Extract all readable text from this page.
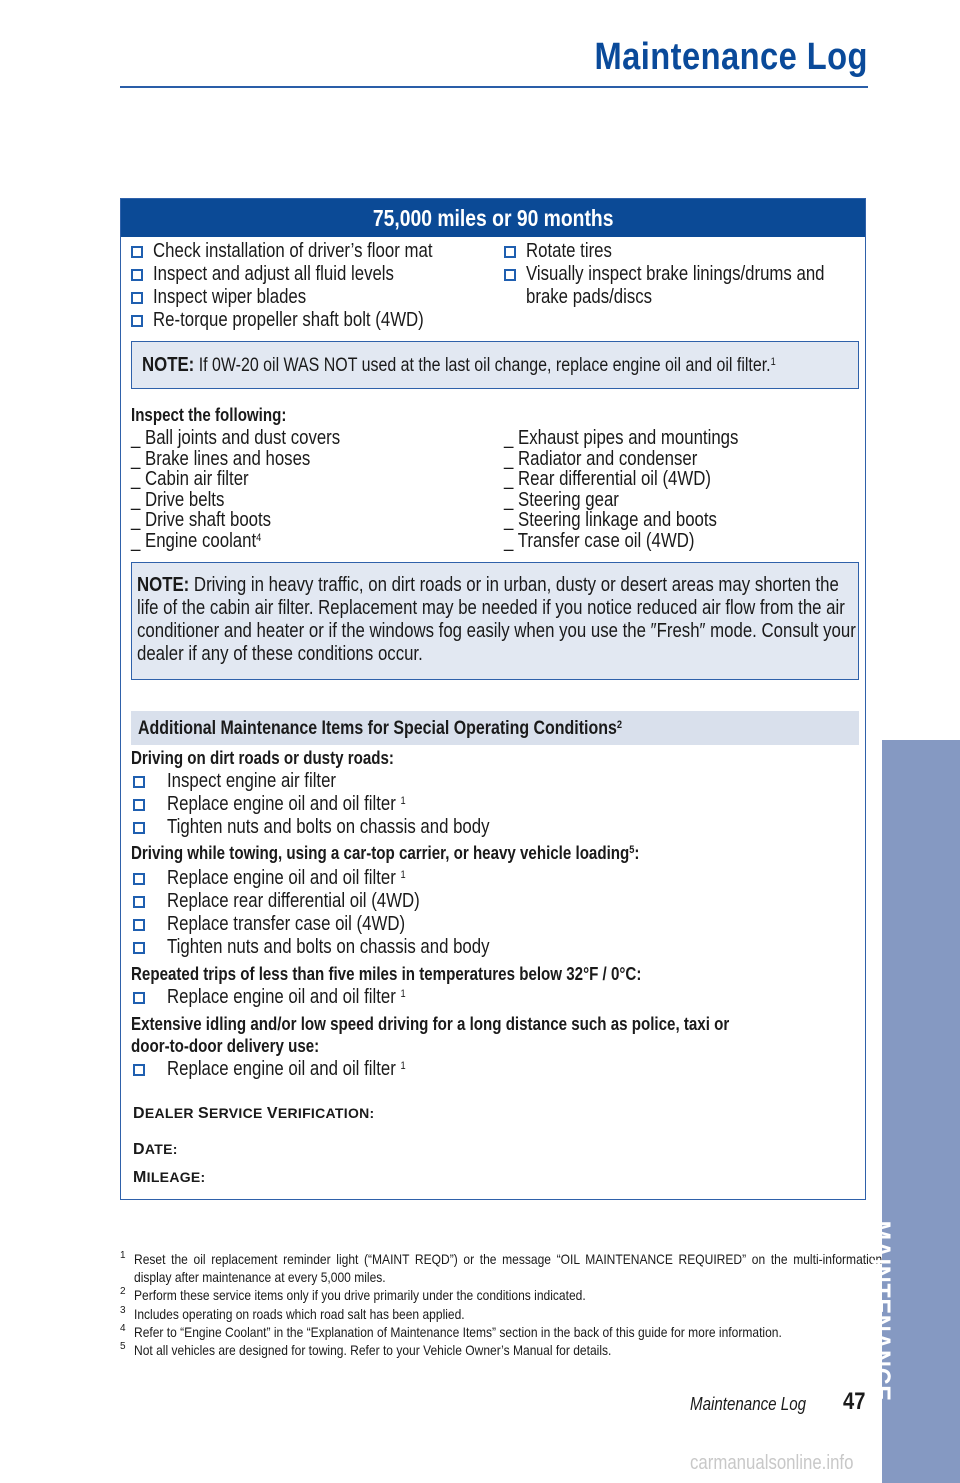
Maintenance Log
75,000 miles or 90 months
Check installation of driver’s floor mat
Inspect and adjust all fluid levels
Inspect wiper blades
Re-torque propeller shaft bolt (4WD)
Rotate tires
Visually inspect brake linings/drums and
brake pads/discs
NOTE: If 0W-20 oil WAS NOT used at the last oil change, replace engine oil and oil filter.$^1$
Inspect the following:
_ Ball joints and dust covers
_ Brake lines and hoses
_ Cabin air filter
_ Drive belts
_ Drive shaft boots
_ Engine coolant$^4$
_ Exhaust pipes and mountings
_ Radiator and condenser
_ Rear differential oil (4WD)
_ Steering gear
_ Steering linkage and boots
_ Transfer case oil (4WD)
NOTE: Driving in heavy traffic, on dirt roads or in urban, dusty or desert areas may shorten the life of the cabin air filter. Replacement may be needed if you notice reduced air flow from the air conditioner and heater or if the windows fog easily when you use the ″Fresh″ mode. Consult your dealer if any of these conditions occur.
Additional Maintenance Items for Special Operating Conditions$^2$
Driving on dirt roads or dusty roads:
Inspect engine air filter
Replace engine oil and oil filter $^1$
Tighten nuts and bolts on chassis and body
Driving while towing, using a car-top carrier, or heavy vehicle loading$^5$:
Replace engine oil and oil filter $^1$
Replace rear differential oil (4WD)
Replace transfer case oil (4WD)
Tighten nuts and bolts on chassis and body
Repeated trips of less than five miles in temperatures below 32°F / 0°C:
Replace engine oil and oil filter $^1$
Extensive idling and/or low speed driving for a long distance such as police, taxi or
door-to-door delivery use:
Replace engine oil and oil filter $^1$
DEALER SERVICE VERIFICATION:
DATE:
MILEAGE:
1 Reset the oil replacement reminder light (“MAINT REQD”) or the message “OIL MAINTENANCE REQUIRED” on the multi-information display after maintenance at every 5,000 miles.
2 Perform these service items only if you drive primarily under the conditions indicated.
3 Includes operating on roads which road salt has been applied.
4 Refer to “Engine Coolant” in the “Explanation of Maintenance Items” section in the back of this guide for more information.
5 Not all vehicles are designed for towing. Refer to your Vehicle Owner’s Manual for details.	MAINTENANCE
Maintenance Log	47
carmanualsonline.info
